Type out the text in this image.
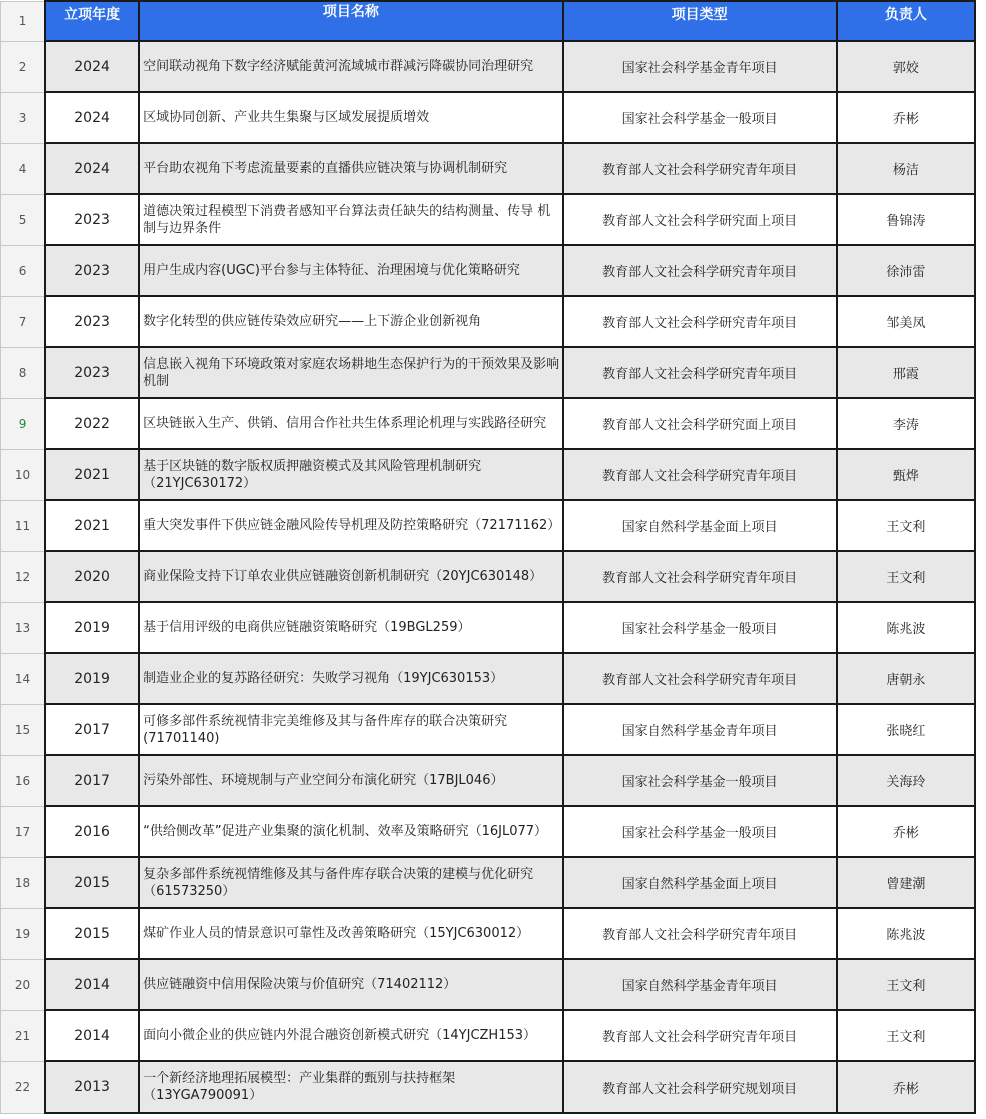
1	立项年度	项目名称	项目类型	负责人
2	2024	空间联动视角下数字经济赋能黄河流域城市群减污降碳协同治理研究	国家社会科学基金青年项目	郭姣
3	2024	区域协同创新、产业共生集聚与区域发展提质增效	国家社会科学基金一般项目	乔彬
4	2024	平台助农视角下考虑流量要素的直播供应链决策与协调机制研究	教育部人文社会科学研究青年项目	杨洁
5	2023	道德决策过程模型下消费者感知平台算法责任缺失的结构测量、传导 机制与边界条件	教育部人文社会科学研究面上项目	鲁锦涛
6	2023	用户生成内容(UGC)平台参与主体特征、治理困境与优化策略研究	教育部人文社会科学研究青年项目	徐沛雷
7	2023	数字化转型的供应链传染效应研究——上下游企业创新视角	教育部人文社会科学研究青年项目	邹美凤
8	2023	信息嵌入视角下环境政策对家庭农场耕地生态保护行为的干预效果及影响机制	教育部人文社会科学研究青年项目	邢霞
9	2022	区块链嵌入生产、供销、信用合作社共生体系理论机理与实践路径研究	教育部人文社会科学研究面上项目	李涛
10	2021	基于区块链的数字版权质押融资模式及其风险管理机制研究（21YJC630172）	教育部人文社会科学研究青年项目	甄烨
11	2021	重大突发事件下供应链金融风险传导机理及防控策略研究（72171162）	国家自然科学基金面上项目	王文利
12	2020	商业保险支持下订单农业供应链融资创新机制研究（20YJC630148）	教育部人文社会科学研究青年项目	王文利
13	2019	基于信用评级的电商供应链融资策略研究（19BGL259）	国家社会科学基金一般项目	陈兆波
14	2019	制造业企业的复苏路径研究：失败学习视角（19YJC630153）	教育部人文社会科学研究青年项目	唐朝永
15	2017	可修多部件系统视情非完美维修及其与备件库存的联合决策研究(71701140)	国家自然科学基金青年项目	张晓红
16	2017	污染外部性、环境规制与产业空间分布演化研究（17BJL046）	国家社会科学基金一般项目	关海玲
17	2016	“供给侧改革”促进产业集聚的演化机制、效率及策略研究（16JL077）	国家社会科学基金一般项目	乔彬
18	2015	复杂多部件系统视情维修及其与备件库存联合决策的建模与优化研究（61573250）	国家自然科学基金面上项目	曾建潮
19	2015	煤矿作业人员的情景意识可靠性及改善策略研究（15YJC630012）	教育部人文社会科学研究青年项目	陈兆波
20	2014	供应链融资中信用保险决策与价值研究（71402112）	国家自然科学基金青年项目	王文利
21	2014	面向小微企业的供应链内外混合融资创新模式研究（14YJCZH153）	教育部人文社会科学研究青年项目	王文利
22	2013	一个新经济地理拓展模型：产业集群的甄别与扶持框架（13YGA790091）	教育部人文社会科学研究规划项目	乔彬
